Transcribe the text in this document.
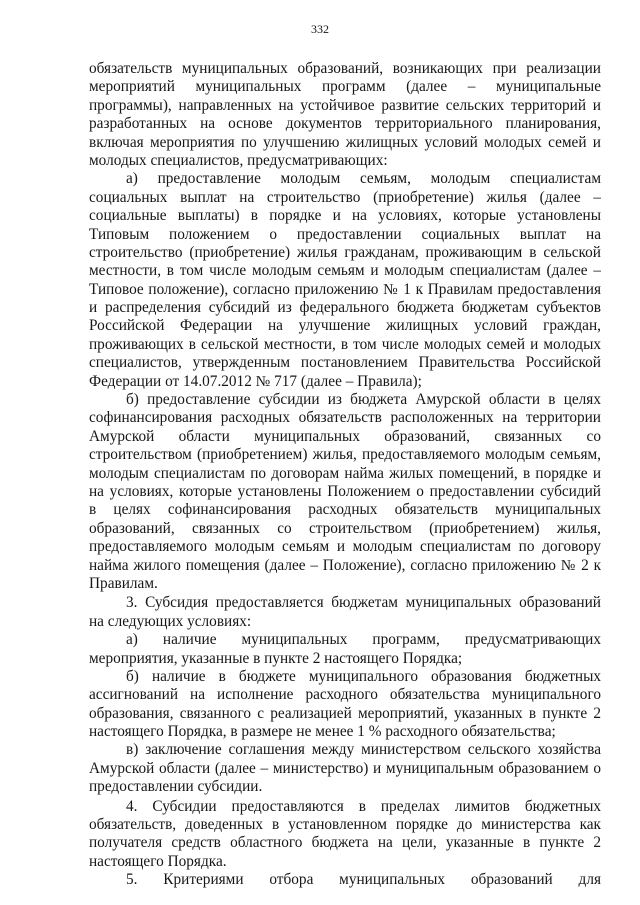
332
обязательств муниципальных образований, возникающих при реализации
мероприятий муниципальных программ (далее – муниципальные
программы), направленных на устойчивое развитие сельских территорий и
разработанных на основе документов территориального планирования,
включая мероприятия по улучшению жилищных условий молодых семей и
молодых специалистов, предусматривающих:
а) предоставление молодым семьям, молодым специалистам
социальных выплат на строительство (приобретение) жилья (далее –
социальные выплаты) в порядке и на условиях, которые установлены
Типовым положением о предоставлении социальных выплат на
строительство (приобретение) жилья гражданам, проживающим в сельской
местности, в том числе молодым семьям и молодым специалистам (далее –
Типовое положение), согласно приложению № 1 к Правилам предоставления
и распределения субсидий из федерального бюджета бюджетам субъектов
Российской Федерации на улучшение жилищных условий граждан,
проживающих в сельской местности, в том числе молодых семей и молодых
специалистов, утвержденным постановлением Правительства Российской
Федерации от 14.07.2012 № 717 (далее – Правила);
б) предоставление субсидии из бюджета Амурской области в целях
софинансирования расходных обязательств расположенных на территории
Амурской области муниципальных образований, связанных со
строительством (приобретением) жилья, предоставляемого молодым семьям,
молодым специалистам по договорам найма жилых помещений, в порядке и
на условиях, которые установлены Положением о предоставлении субсидий
в целях софинансирования расходных обязательств муниципальных
образований, связанных со строительством (приобретением) жилья,
предоставляемого молодым семьям и молодым специалистам по договору
найма жилого помещения (далее – Положение), согласно приложению № 2 к
Правилам.
3. Субсидия предоставляется бюджетам муниципальных образований
на следующих условиях:
а) наличие муниципальных программ, предусматривающих
мероприятия, указанные в пункте 2 настоящего Порядка;
б) наличие в бюджете муниципального образования бюджетных
ассигнований на исполнение расходного обязательства муниципального
образования, связанного с реализацией мероприятий, указанных в пункте 2
настоящего Порядка, в размере не менее 1 % расходного обязательства;
в) заключение соглашения между министерством сельского хозяйства
Амурской области (далее – министерство) и муниципальным образованием о
предоставлении субсидии.
4. Субсидии предоставляются в пределах лимитов бюджетных
обязательств, доведенных в установленном порядке до министерства как
получателя средств областного бюджета на цели, указанные в пункте 2
настоящего Порядка.
5. Критериями отбора муниципальных образований для
